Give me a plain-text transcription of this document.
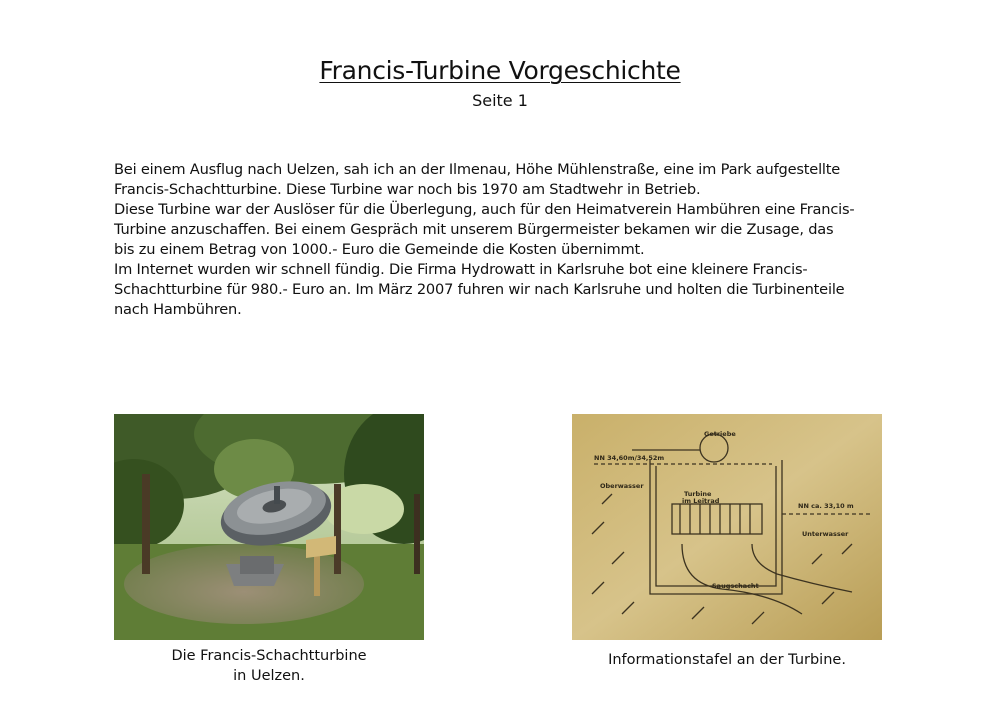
Francis-Turbine Vorgeschichte
Seite 1
Bei einem Ausflug nach Uelzen, sah ich an der Ilmenau, Höhe Mühlenstraße, eine im Park aufgestellte
Francis-Schachtturbine. Diese Turbine war noch bis 1970 am Stadtwehr in Betrieb.
Diese Turbine war der Auslöser für die Überlegung, auch für den Heimatverein Hambühren eine Francis-
Turbine anzuschaffen. Bei einem Gespräch mit unserem Bürgermeister bekamen wir die Zusage, das
bis zu einem Betrag von 1000.- Euro die Gemeinde die Kosten übernimmt.
Im Internet wurden wir schnell fündig. Die Firma Hydrowatt in Karlsruhe bot eine kleinere Francis-
Schachtturbine für 980.- Euro an. Im März 2007 fuhren wir nach Karlsruhe und holten die Turbinenteile
nach Hambühren.
Getriebe
NN 34,60m/34,52m
Oberwasser
Turbine
im Leitrad
NN ca. 33,10 m
Unterwasser
Saugschacht
Die Francis-Schachtturbine
in Uelzen.
Informationstafel an der Turbine.
